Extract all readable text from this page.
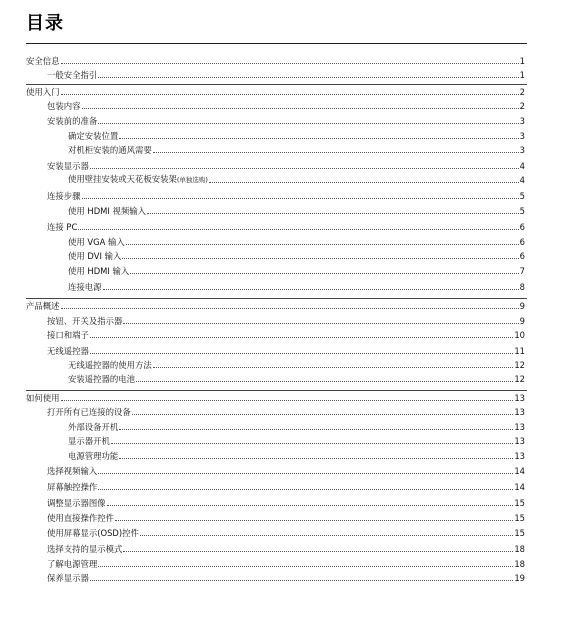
目录
安全信息	1
一般安全指引	1
使用入门	2
包装内容	2
安装前的准备	3
确定安装位置	3
对机柜安装的通风需要	3
安装显示器	4
使用壁挂安装或天花板安装架(单独选购)	4
连接步骤	5
使用 HDMI 视频输入	5
连接 PC	6
使用 VGA 输入	6
使用 DVI 输入	6
使用 HDMI 输入	7
连接电源	8
产品概述	9
按钮、开关及指示器	9
接口和端子	10
无线遥控器	11
无线遥控器的使用方法	12
安装遥控器的电池	12
如何使用	13
打开所有已连接的设备	13
外部设备开机	13
显示器开机	13
电源管理功能	13
选择视频输入	14
屏幕触控操作	14
调整显示器图像	15
使用直接操作控件	15
使用屏幕显示(OSD)控件	15
选择支持的显示模式	18
了解电源管理	18
保养显示器	19
